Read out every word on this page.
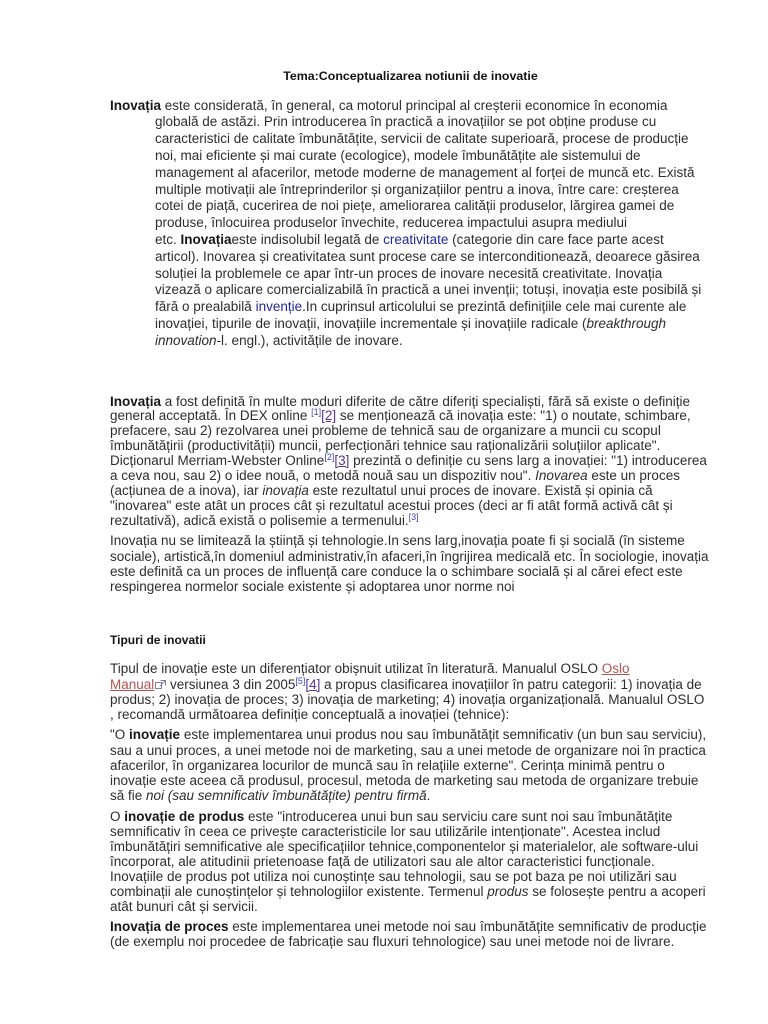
Tema:Conceptualizarea notiunii de inovatie
Inovația este considerată, în general, ca motorul principal al creșterii economice în economia
globală de astăzi. Prin introducerea în practică a inovațiilor se pot obține produse cu
caracteristici de calitate îmbunătățite, servicii de calitate superioară, procese de producție
noi, mai eficiente și mai curate (ecologice), modele îmbunătățite ale sistemului de
management al afacerilor, metode moderne de management al forței de muncă etc. Există
multiple motivații ale întreprinderilor și organizațiilor pentru a inova, între care: creșterea
cotei de piață, cucerirea de noi piețe, ameliorarea calității produselor, lărgirea gamei de
produse, înlocuirea produselor învechite, reducerea impactului asupra mediului
etc. Inovațiaeste indisolubil legată de creativitate (categorie din care face parte acest
articol). Inovarea și creativitatea sunt procese care se interconditionează, deoarece găsirea
soluției la problemele ce apar într-un proces de inovare necesită creativitate. Inovația
vizează o aplicare comercializabilă în practică a unei invenții; totuși, inovația este posibilă și
fără o prealabilă invenție.In cuprinsul articolului se prezintă definițiile cele mai curente ale
inovației, tipurile de inovații, inovațiile incrementale și inovațiile radicale (breakthrough
innovation-l. engl.), activitățile de inovare.
Inovația a fost definită în multe moduri diferite de către diferiți specialiști, fără să existe o definiție
general acceptată. În DEX online [1][2] se menționează că inovația este: "1) o noutate, schimbare,
prefacere, sau 2) rezolvarea unei probleme de tehnică sau de organizare a muncii cu scopul
îmbunătățirii (productivității) muncii, perfecționări tehnice sau raționalizării soluțiilor aplicate".
Dicționarul Merriam-Webster Online[2][3] prezintă o definiție cu sens larg a inovației: "1) introducerea
a ceva nou, sau 2) o idee nouă, o metodă nouă sau un dispozitiv nou". Inovarea este un proces
(acțiunea de a inova), iar inovația este rezultatul unui proces de inovare. Există și opinia că
"inovarea" este atât un proces cât și rezultatul acestui proces (deci ar fi atât formă activă cât și
rezultativă), adică există o polisemie a termenului.[3]
Inovația nu se limitează la știință și tehnologie.In sens larg,inovația poate fi și socială (în sisteme
sociale), artistică,în domeniul administrativ,în afaceri,în îngrijirea medicală etc. În sociologie, inovația
este definită ca un proces de influență care conduce la o schimbare socială și al cărei efect este
respingerea normelor sociale existente și adoptarea unor norme noi
Tipuri de inovatii
Tipul de inovație este un diferențiator obișnuit utilizat în literatură. Manualul OSLO Oslo
Manual
versiunea 3 din 2005[5][4] a propus clasificarea inovațiilor în patru categorii: 1) inovația de
produs; 2) inovația de proces; 3) inovația de marketing; 4) inovația organizațională. Manualul OSLO
, recomandă următoarea definiție conceptuală a inovației (tehnice):
"O inovație este implementarea unui produs nou sau îmbunătățit semnificativ (un bun sau serviciu),
sau a unui proces, a unei metode noi de marketing, sau a unei metode de organizare noi în practica
afacerilor, în organizarea locurilor de muncă sau în relațiile externe". Cerința minimă pentru o
inovație este aceea că produsul, procesul, metoda de marketing sau metoda de organizare trebuie
să fie noi (sau semnificativ îmbunătățite) pentru firmă.
O inovație de produs este "introducerea unui bun sau serviciu care sunt noi sau îmbunătățite
semnificativ în ceea ce privește caracteristicile lor sau utilizările intenționate". Acestea includ
îmbunătățiri semnificative ale specificațiilor tehnice,componentelor și materialelor, ale software-ului
încorporat, ale atitudinii prietenoase față de utilizatori sau ale altor caracteristici funcționale.
Inovațiile de produs pot utiliza noi cunoștințe sau tehnologii, sau se pot baza pe noi utilizări sau
combinații ale cunoștințelor și tehnologiilor existente. Termenul produs se folosește pentru a acoperi
atât bunuri cât și servicii.
Inovația de proces este implementarea unei metode noi sau îmbunătățite semnificativ de producție
(de exemplu noi procedee de fabricație sau fluxuri tehnologice) sau unei metode noi de livrare.
